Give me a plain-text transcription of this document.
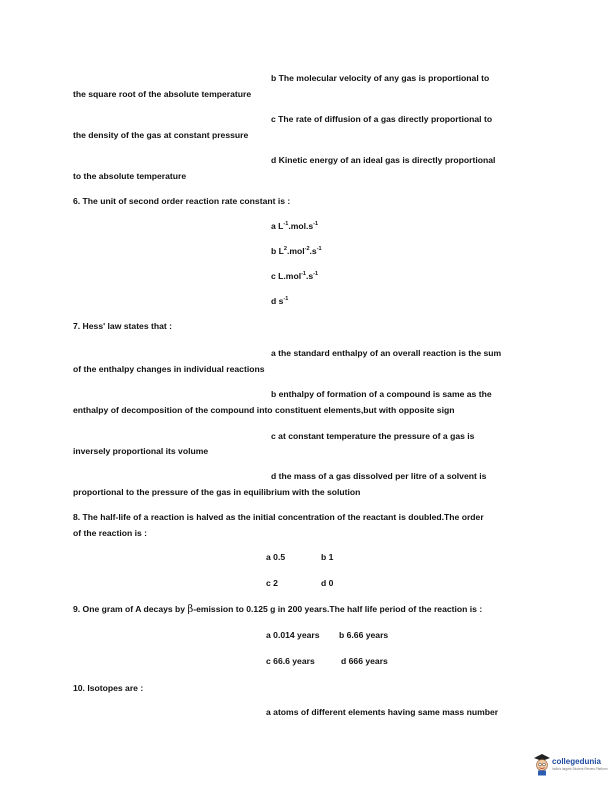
b The molecular velocity of any gas is proportional to
the square root of the absolute temperature
c The rate of diffusion of a gas directly proportional to
the density of the gas at constant pressure
d Kinetic energy of an ideal gas is directly proportional
to the absolute temperature
6. The unit of second order reaction rate constant is :
a $L^{-1}.mol.s^{-1}$
b $L^2.mol^{-2}.s^{-1}$
c $L.mol^{-1}.s^{-1}$
d $s^{-1}$
7. Hess' law states that :
a the standard enthalpy of an overall reaction is the sum
of the enthalpy changes in individual reactions
b enthalpy of formation of a compound is same as the
enthalpy of decomposition of the compound into constituent elements,but with opposite sign
c at constant temperature the pressure of a gas is
inversely proportional its volume
d the mass of a gas dissolved per litre of a solvent is
proportional to the pressure of the gas in equilibrium with the solution
8. The half-life of a reaction is halved as the initial concentration of the reactant is doubled.The order
of the reaction is :
a 0.5	b 1
c 2	d 0
9. One gram of A decays by β-emission to 0.125 g in 200 years.The half life period of the reaction is :
a 0.014 years b 6.66 years
c 66.6 years	d 666 years
10. Isotopes are :
a atoms of different elements having same mass number
collegedunia
India's largest Student Review Platform
